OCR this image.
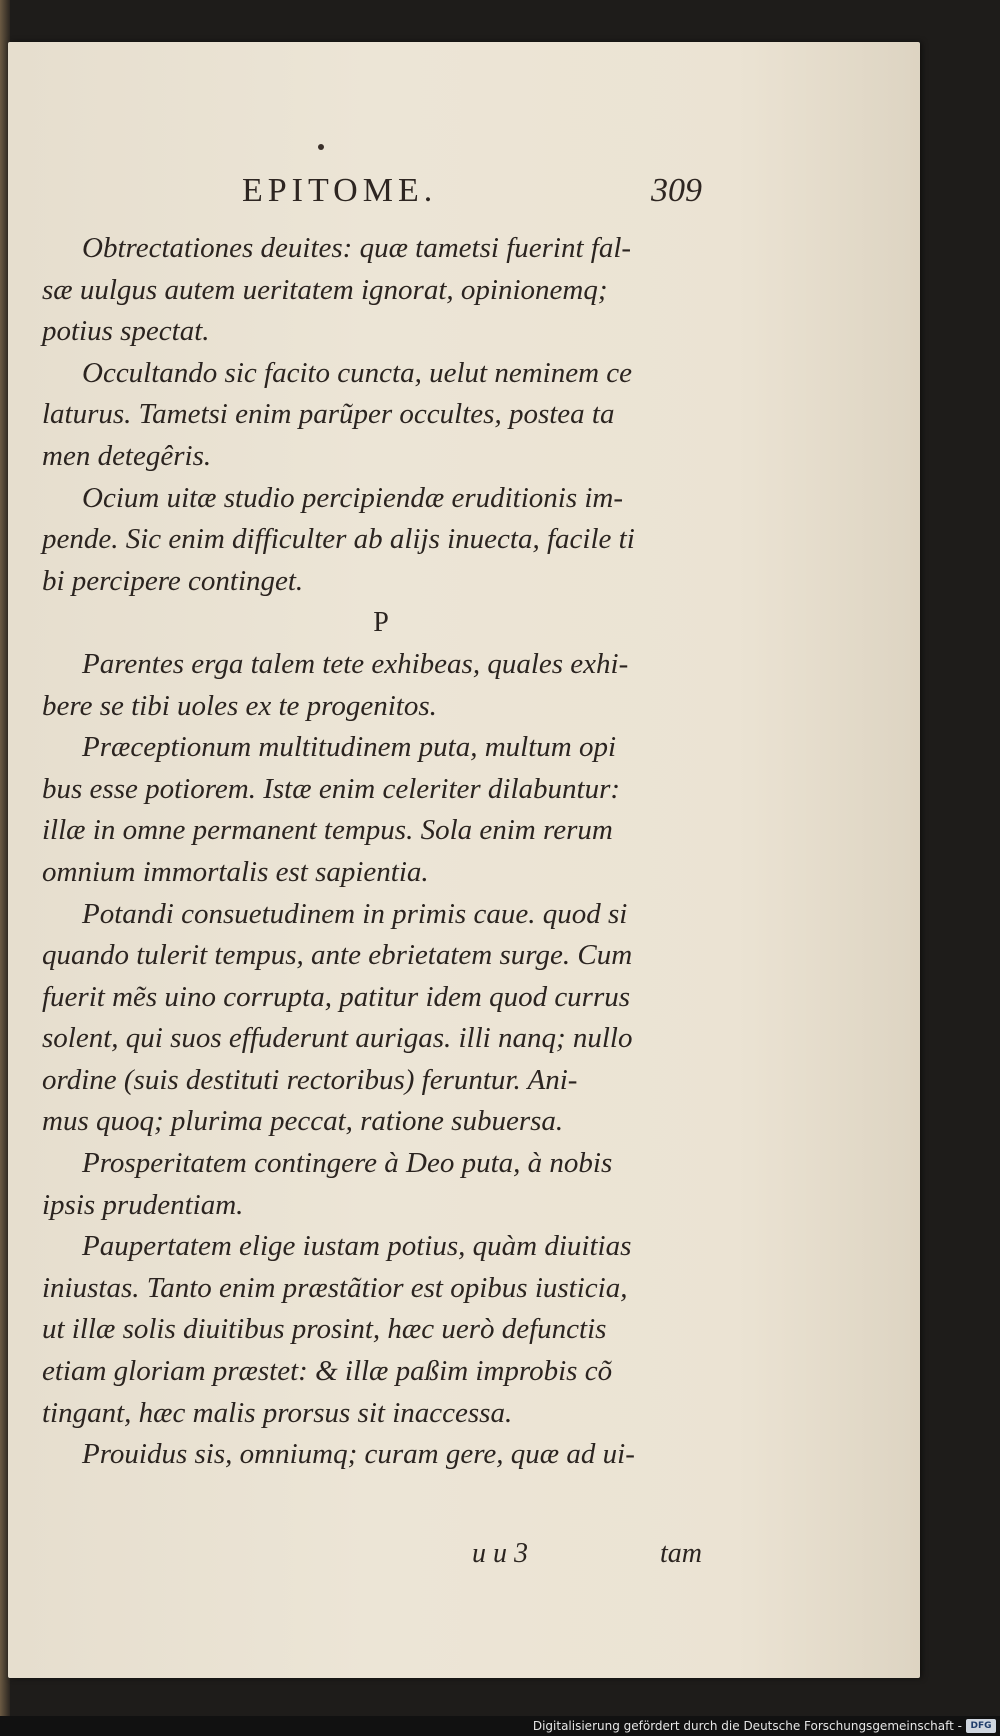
EPITOME.	309
Obtrectationes deuites: quæ tametsi fuerint fal-
sæ uulgus autem ueritatem ignorat, opinionemq;
potius spectat.
Occultando sic facito cuncta, uelut neminem ce
laturus. Tametsi enim parũper occultes, postea ta
men detegêris.
Ocium uitæ studio percipiendæ eruditionis im-
pende. Sic enim difficulter ab alijs inuecta, facile ti
bi percipere continget.
P
Parentes erga talem tete exhibeas, quales exhi-
bere se tibi uoles ex te progenitos.
Præceptionum multitudinem puta, multum opi
bus esse potiorem. Istæ enim celeriter dilabuntur:
illæ in omne permanent tempus. Sola enim rerum
omnium immortalis est sapientia.
Potandi consuetudinem in primis caue. quod si
quando tulerit tempus, ante ebrietatem surge. Cum
fuerit mẽs uino corrupta, patitur idem quod currus
solent, qui suos effuderunt aurigas. illi nanq; nullo
ordine (suis destituti rectoribus) feruntur. Ani-
mus quoq; plurima peccat, ratione subuersa.
Prosperitatem contingere à Deo puta, à nobis
ipsis prudentiam.
Paupertatem elige iustam potius, quàm diuitias
iniustas. Tanto enim præstãtior est opibus iusticia,
ut illæ solis diuitibus prosint, hæc uerò defunctis
etiam gloriam præstet: & illæ paßim improbis cõ
tingant, hæc malis prorsus sit inaccessa.
Prouidus sis, omniumq; curam gere, quæ ad ui-
u u 3	tam
Digitalisierung gefördert durch die Deutsche Forschungsgemeinschaft - DFG
